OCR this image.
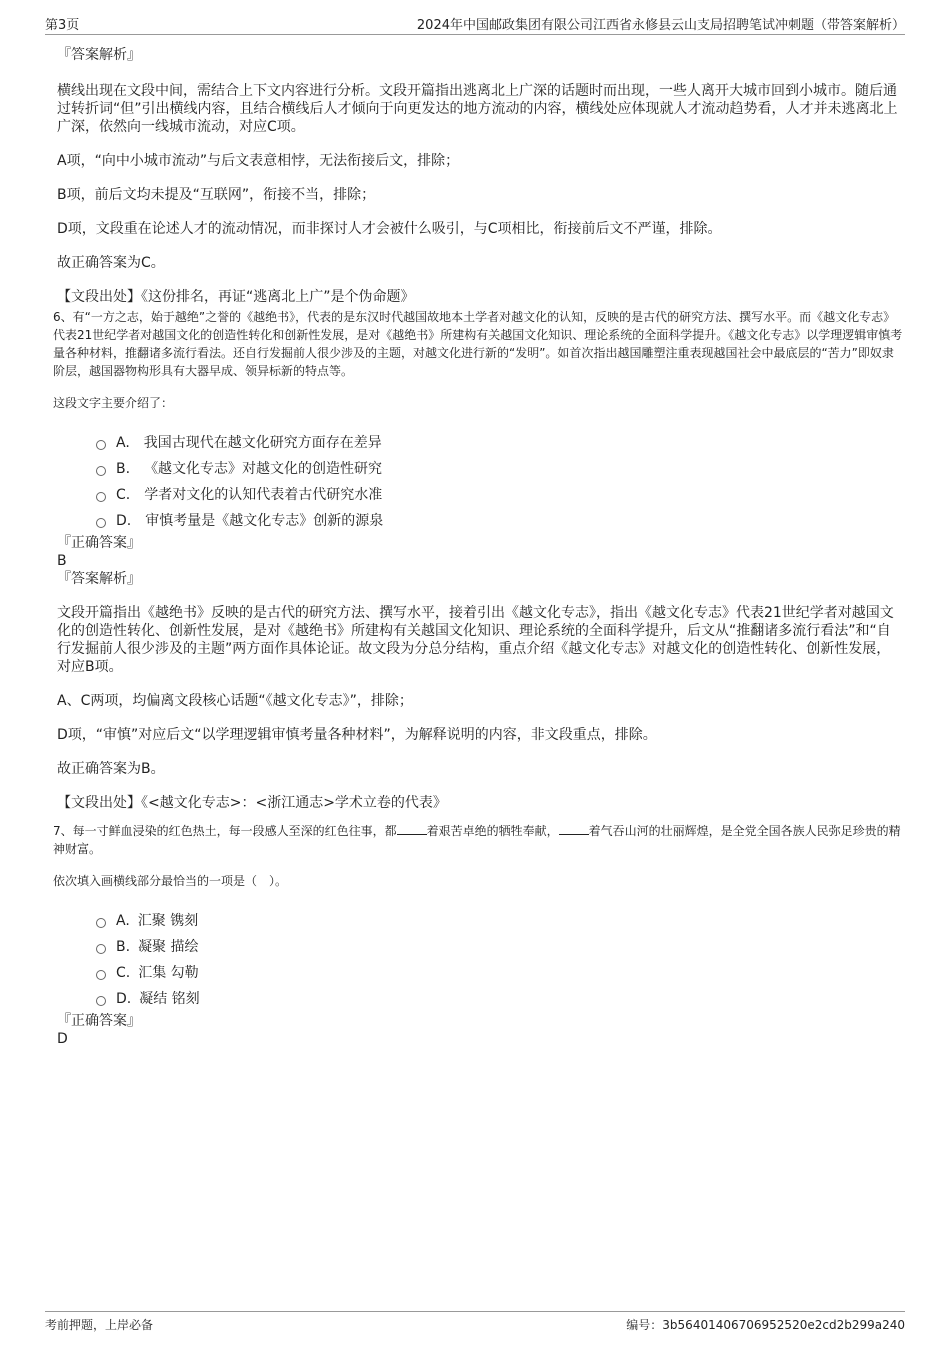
第3页	2024年中国邮政集团有限公司江西省永修县云山支局招聘笔试冲刺题（带答案解析）
『答案解析』

横线出现在文段中间，需结合上下文内容进行分析。文段开篇指出逃离北上广深的话题时而出现，一些人离开大城市回到小城市。随后通过转折词“但”引出横线内容，且结合横线后人才倾向于向更发达的地方流动的内容，横线处应体现就人才流动趋势看，人才并未逃离北上广深，依然向一线城市流动，对应C项。

A项，“向中小城市流动”与后文表意相悖，无法衔接后文，排除；

B项，前后文均未提及“互联网”，衔接不当，排除；

D项，文段重在论述人才的流动情况，而非探讨人才会被什么吸引，与C项相比，衔接前后文不严谨，排除。

故正确答案为C。

【文段出处】《这份排名，再证“逃离北上广”是个伪命题》

6、有“一方之志，始于越绝”之誉的《越绝书》，代表的是东汉时代越国故地本土学者对越文化的认知，反映的是古代的研究方法、撰写水平。而《越文化专志》代表21世纪学者对越国文化的创造性转化和创新性发展，是对《越绝书》所建构有关越国文化知识、理论系统的全面科学提升。《越文化专志》以学理逻辑审慎考量各种材料，推翻诸多流行看法。还自行发掘前人很少涉及的主题，对越文化进行新的“发明”。如首次指出越国雕塑注重表现越国社会中最底层的“苦力”即奴隶阶层，越国器物构形具有大器早成、领异标新的特点等。

这段文字主要介绍了：

A. 我国古现代在越文化研究方面存在差异
B. 《越文化专志》对越文化的创造性研究
C. 学者对文化的认知代表着古代研究水准
D. 审慎考量是《越文化专志》创新的源泉
『正确答案』
B
『答案解析』

文段开篇指出《越绝书》反映的是古代的研究方法、撰写水平，接着引出《越文化专志》，指出《越文化专志》代表21世纪学者对越国文化的创造性转化、创新性发展，是对《越绝书》所建构有关越国文化知识、理论系统的全面科学提升，后文从“推翻诸多流行看法”和“自行发掘前人很少涉及的主题”两方面作具体论证。故文段为分总分结构，重点介绍《越文化专志》对越文化的创造性转化、创新性发展，对应B项。

A、C两项，均偏离文段核心话题“《越文化专志》”，排除；

D项，“审慎”对应后文“以学理逻辑审慎考量各种材料”，为解释说明的内容，非文段重点，排除。

故正确答案为B。

【文段出处】《<越文化专志>：<浙江通志>学术立卷的代表》

7、每一寸鲜血浸染的红色热土，每一段感人至深的红色往事，都	着艰苦卓绝的牺牲奉献，	着气吞山河的壮丽辉煌，是全党全国各族人民弥足珍贵的精神财富。

依次填入画横线部分最恰当的一项是（　）。

A. 汇聚 镌刻
B. 凝聚 描绘
C. 汇集 勾勒
D. 凝结 铭刻
『正确答案』
D
考前押题，上岸必备	编号：3b5640140670695252​0e2cd2b299a240
